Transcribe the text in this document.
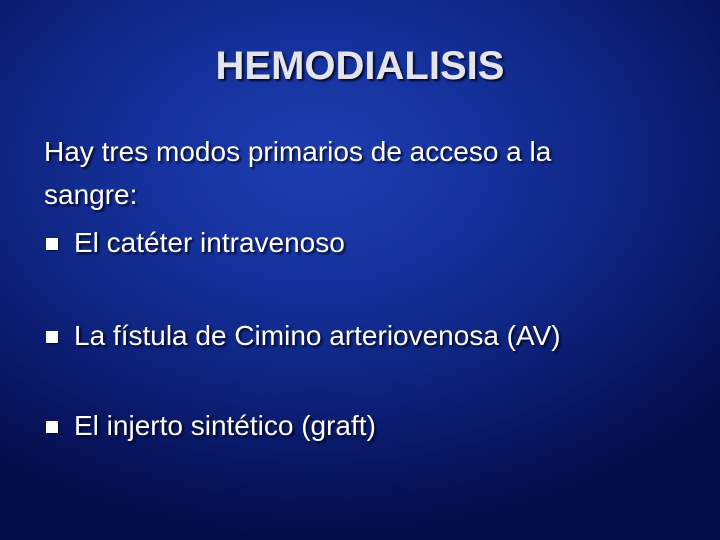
HEMODIALISIS
Hay tres modos primarios de acceso a la
sangre:
El catéter intravenoso
La fístula de Cimino arteriovenosa (AV)
El injerto sintético (graft)
